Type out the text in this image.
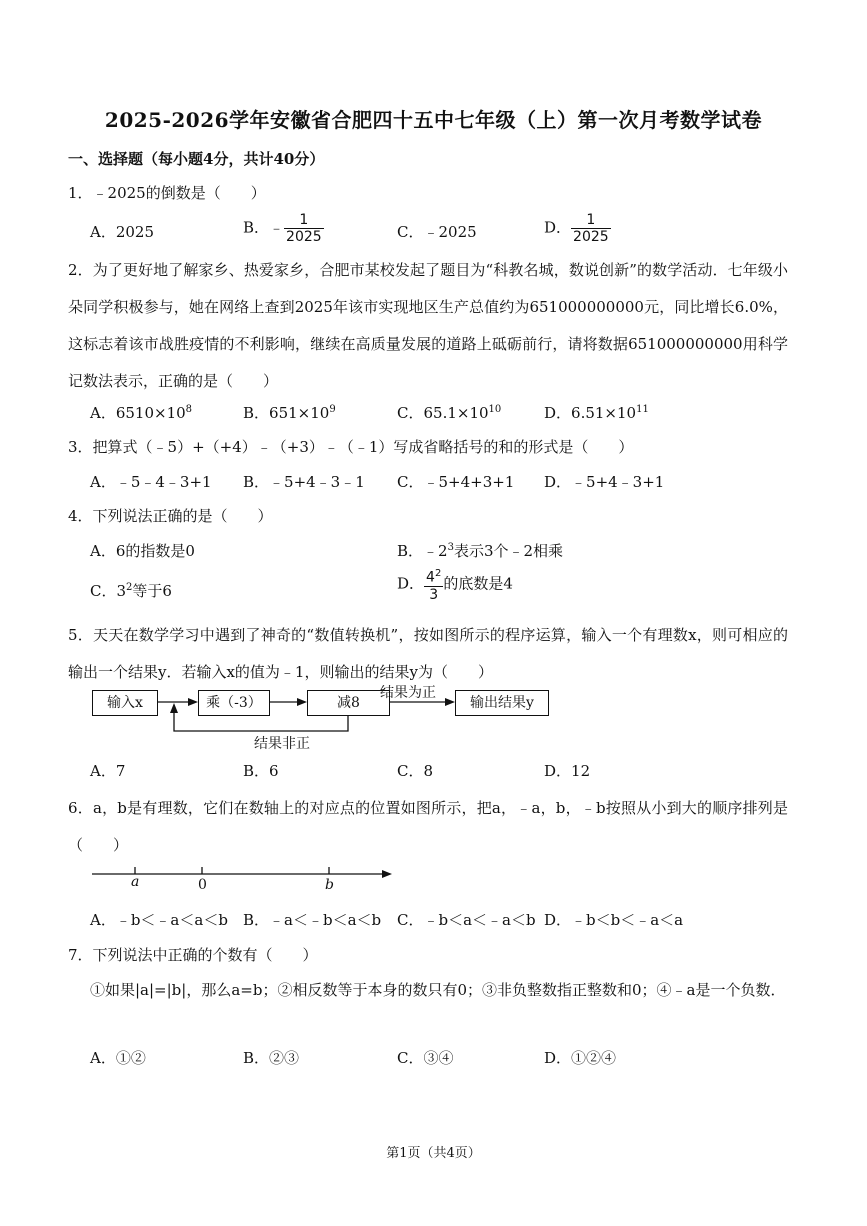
2025-2026学年安徽省合肥四十五中七年级（上）第一次月考数学试卷
一、选择题（每小题4分，共计40分）
1．﹣2025的倒数是（　　）
A．2025	B．﹣ $\frac{1}{2025}$	C．﹣2025	D． $\frac{1}{2025}$
2．为了更好地了解家乡、热爱家乡，合肥市某校发起了题目为“科教名城，数说创新”的数学活动．七年级小朵同学积极参与，她在网络上查到2025年该市实现地区生产总值约为651000000000元，同比增长6.0%，这标志着该市战胜疫情的不利影响，继续在高质量发展的道路上砥砺前行，请将数据651000000000用科学记数法表示，正确的是（　　）
A．$6510\times 10^8$	B．$651\times 10^9$	C．$65.1\times 10^{10}$	D．$6.51\times 10^{11}$
3．把算式（﹣5）+（+4）﹣（+3）﹣（﹣1）写成省略括号的和的形式是（　　）
A．﹣5﹣4﹣3+1 B．﹣5+4﹣3﹣1 C．﹣5+4+3+1 D．﹣5+4﹣3+1
4．下列说法正确的是（　　）
A．6的指数是0	B．$﹣2^3$表示3个﹣2相乘
C．$3^2$等于6	D． $\frac{4^2}{3}$ 的底数是4
5．天天在数学学习中遇到了神奇的“数值转换机”，按如图所示的程序运算，输入一个有理数x，则可相应的输出一个结果y．若输入x的值为﹣1，则输出的结果y为（　　）
输入x	乘（-3）	减8
结果为正
输出结果y
结果非正
A．7	B．6	C．8	D．12
6．a，b是有理数，它们在数轴上的对应点的位置如图所示，把a，﹣a，b，﹣b按照从小到大的顺序排列是（　　）
a	0	b
A．﹣b＜﹣a＜a＜b B．﹣a＜﹣b＜a＜b C．﹣b＜a＜﹣a＜b D．﹣b＜b＜﹣a＜a
7．下列说法中正确的个数有（　　）
①如果|a|=|b|，那么a=b；②相反数等于本身的数只有0；③非负整数指正整数和0；④﹣a是一个负数．
A．①②	B．②③	C．③④	D．①②④
第1页（共4页）
